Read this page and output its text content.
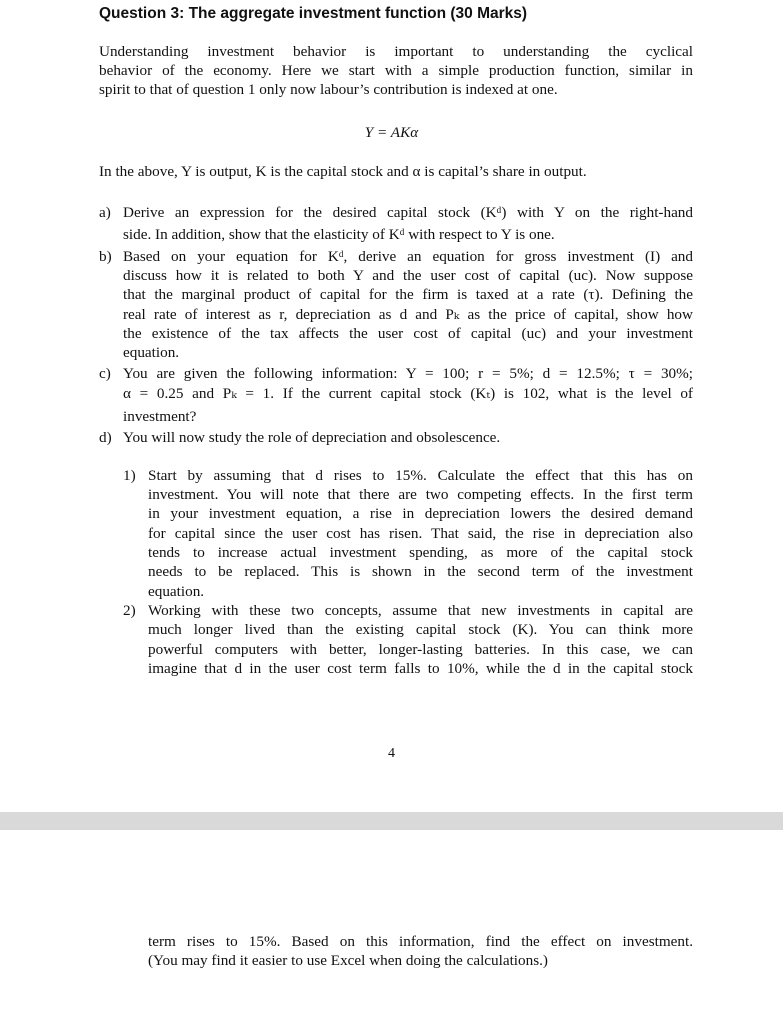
Question 3: The aggregate investment function (30 Marks)

Understanding investment behavior is important to understanding the cyclical

behavior of the economy. Here we start with a simple production function, similar in

spirit to that of question 1 only now labour’s contribution is indexed at one.

Y = AKα

In the above, Y is output, K is the capital stock and α is capital’s share in output.

a) Derive an expression for the desired capital stock (Kᵈ) with Y on the right-hand

side. In addition, show that the elasticity of Kᵈ with respect to Y is one.

b) Based on your equation for Kᵈ, derive an equation for gross investment (I) and

discuss how it is related to both Y and the user cost of capital (uc). Now suppose

that the marginal product of capital for the firm is taxed at a rate (τ). Defining the

real rate of interest as r, depreciation as d and Pₖ as the price of capital, show how

the existence of the tax affects the user cost of capital (uc) and your investment

equation.

c) You are given the following information: Y = 100; r = 5%; d = 12.5%; τ = 30%;

α = 0.25 and Pₖ = 1. If the current capital stock (Kₜ) is 102, what is the level of

investment?

d) You will now study the role of depreciation and obsolescence.

1) Start by assuming that d rises to 15%. Calculate the effect that this has on

investment. You will note that there are two competing effects. In the first term

in your investment equation, a rise in depreciation lowers the desired demand

for capital since the user cost has risen. That said, the rise in depreciation also

tends to increase actual investment spending, as more of the capital stock

needs to be replaced. This is shown in the second term of the investment

equation.

2) Working with these two concepts, assume that new investments in capital are

much longer lived than the existing capital stock (K). You can think more

powerful computers with better, longer-lasting batteries. In this case, we can

imagine that d in the user cost term falls to 10%, while the d in the capital stock

4

term rises to 15%. Based on this information, find the effect on investment.

(You may find it easier to use Excel when doing the calculations.)
